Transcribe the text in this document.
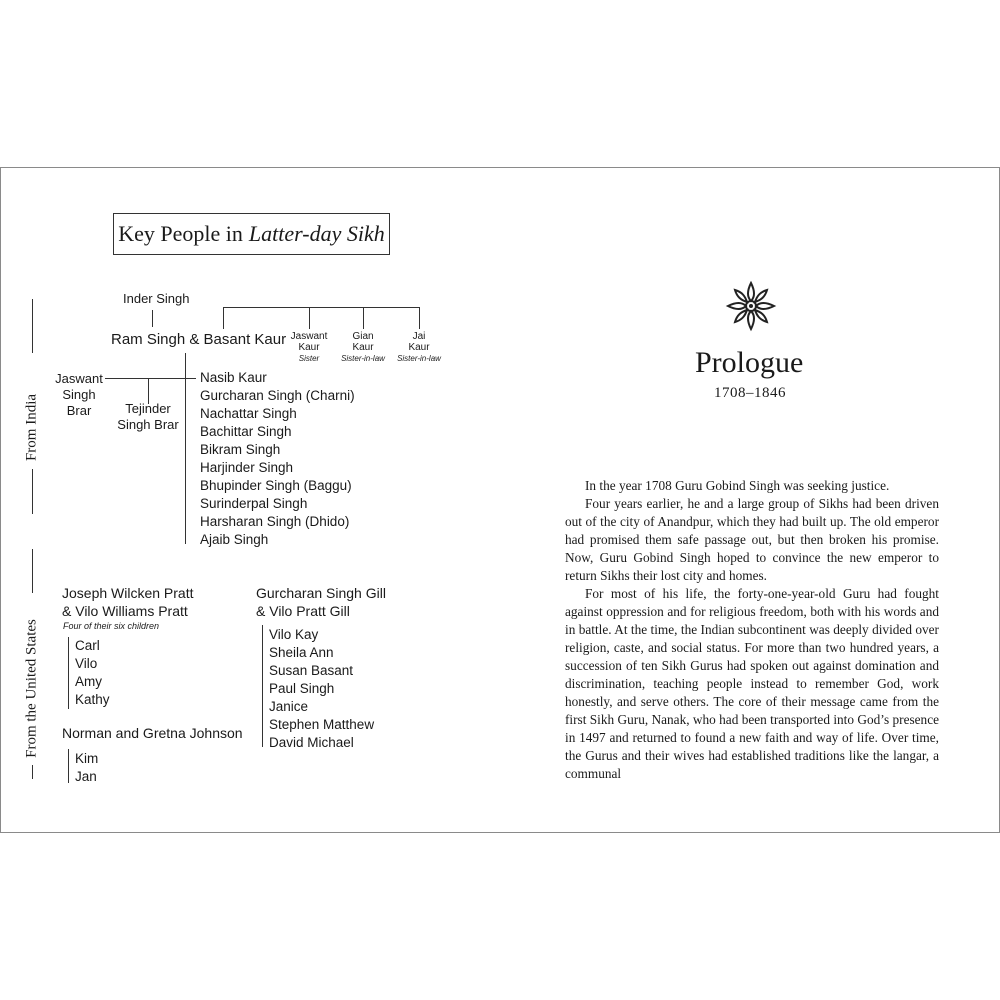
Key People in Latter-day Sikh
From India
From the United States
Inder Singh
Ram Singh & Basant Kaur Jaswant
Kaur
Sister
Gian
Kaur
Sister-in-law
Jai
Kaur
Sister-in-law
Jaswant
Singh Brar	Tejinder
Singh Brar
Nasib Kaur
Gurcharan Singh (Charni)
Nachattar Singh
Bachittar Singh
Bikram Singh
Harjinder Singh
Bhupinder Singh (Baggu)
Surinderpal Singh
Harsharan Singh (Dhido)
Ajaib Singh
Joseph Wilcken Pratt
& Vilo Williams Pratt
Four of their six children
Carl
Vilo
Amy
Kathy
Norman and Gretna Johnson
Kim
Jan
Gurcharan Singh Gill
& Vilo Pratt Gill
Vilo Kay
Sheila Ann
Susan Basant
Paul Singh
Janice
Stephen Matthew
David Michael
Prologue
1708–1846

In the year 1708 Guru Gobind Singh was seeking justice.

Four years earlier, he and a large group of Sikhs had been driven out of the city of Anandpur, which they had built up. The old emperor had promised them safe passage out, but then broken his promise. Now, Guru Gobind Singh hoped to convince the new emperor to return Sikhs their lost city and homes.

For most of his life, the forty-one-year-old Guru had fought against oppression and for religious freedom, both with his words and in battle. At the time, the Indian subcontinent was deeply divided over religion, caste, and social status. For more than two hundred years, a succession of ten Sikh Gurus had spoken out against domination and discrimination, teaching people instead to remember God, work honestly, and serve others. The core of their message came from the first Sikh Guru, Nanak, who had been transported into God’s presence in 1497 and returned to found a new faith and way of life. Over time, the Gurus and their wives had established traditions like the langar, a communal
